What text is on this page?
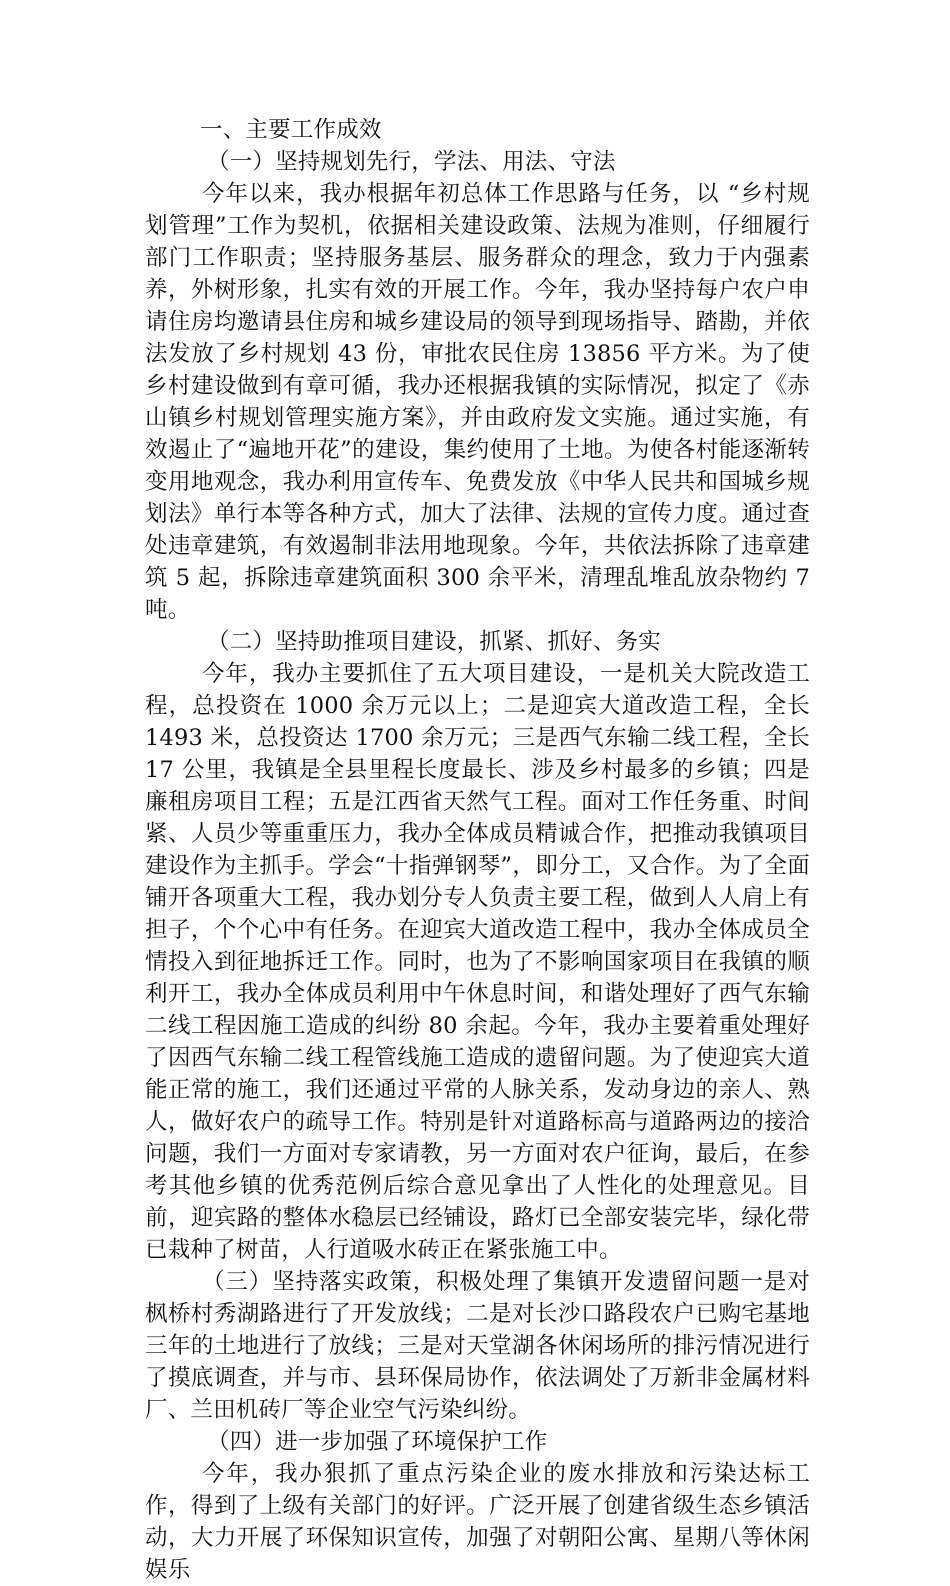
一、主要工作成效
（一）坚持规划先行，学法、用法、守法

今年以来，我办根据年初总体工作思路与任务，以 “乡村规划管理”工作为契机，依据相关建设政策、法规为准则，仔细履行部门工作职责；坚持服务基层、服务群众的理念，致力于内强素养，外树形象，扎实有效的开展工作。今年，我办坚持每户农户申请住房均邀请县住房和城乡建设局的领导到现场指导、踏勘，并依法发放了乡村规划 43 份，审批农民住房 13856 平方米。为了使乡村建设做到有章可循，我办还根据我镇的实际情况，拟定了《赤山镇乡村规划管理实施方案》，并由政府发文实施。通过实施，有效遏止了“遍地开花”的建设，集约使用了土地。为使各村能逐渐转变用地观念，我办利用宣传车、免费发放《中华人民共和国城乡规划法》单行本等各种方式，加大了法律、法规的宣传力度。通过查处违章建筑，有效遏制非法用地现象。今年，共依法拆除了违章建筑 5 起，拆除违章建筑面积 300 余平米，清理乱堆乱放杂物约 7 吨。

（二）坚持助推项目建设，抓紧、抓好、务实

今年，我办主要抓住了五大项目建设，一是机关大院改造工程，总投资在 1000 余万元以上；二是迎宾大道改造工程，全长 1493 米，总投资达 1700 余万元；三是西气东输二线工程，全长 17 公里，我镇是全县里程长度最长、涉及乡村最多的乡镇；四是廉租房项目工程；五是江西省天然气工程。面对工作任务重、时间紧、人员少等重重压力，我办全体成员精诚合作，把推动我镇项目建设作为主抓手。学会“十指弹钢琴”，即分工，又合作。为了全面铺开各项重大工程，我办划分专人负责主要工程，做到人人肩上有担子，个个心中有任务。在迎宾大道改造工程中，我办全体成员全情投入到征地拆迁工作。同时，也为了不影响国家项目在我镇的顺利开工，我办全体成员利用中午休息时间，和谐处理好了西气东输二线工程因施工造成的纠纷 80 余起。今年，我办主要着重处理好了因西气东输二线工程管线施工造成的遗留问题。为了使迎宾大道能正常的施工，我们还通过平常的人脉关系，发动身边的亲人、熟人，做好农户的疏导工作。特别是针对道路标高与道路两边的接洽问题，我们一方面对专家请教，另一方面对农户征询，最后，在参考其他乡镇的优秀范例后综合意见拿出了人性化的处理意见。目前，迎宾路的整体水稳层已经铺设，路灯已全部安装完毕，绿化带已栽种了树苗，人行道吸水砖正在紧张施工中。

（三）坚持落实政策，积极处理了集镇开发遗留问题一是对枫桥村秀湖路进行了开发放线；二是对长沙口路段农户已购宅基地三年的土地进行了放线；三是对天堂湖各休闲场所的排污情况进行了摸底调查，并与市、县环保局协作，依法调处了万新非金属材料厂、兰田机砖厂等企业空气污染纠纷。

（四）进一步加强了环境保护工作

今年，我办狠抓了重点污染企业的废水排放和污染达标工作，得到了上级有关部门的好评。广泛开展了创建省级生态乡镇活动，大力开展了环保知识宣传，加强了对朝阳公寓、星期八等休闲娱乐
